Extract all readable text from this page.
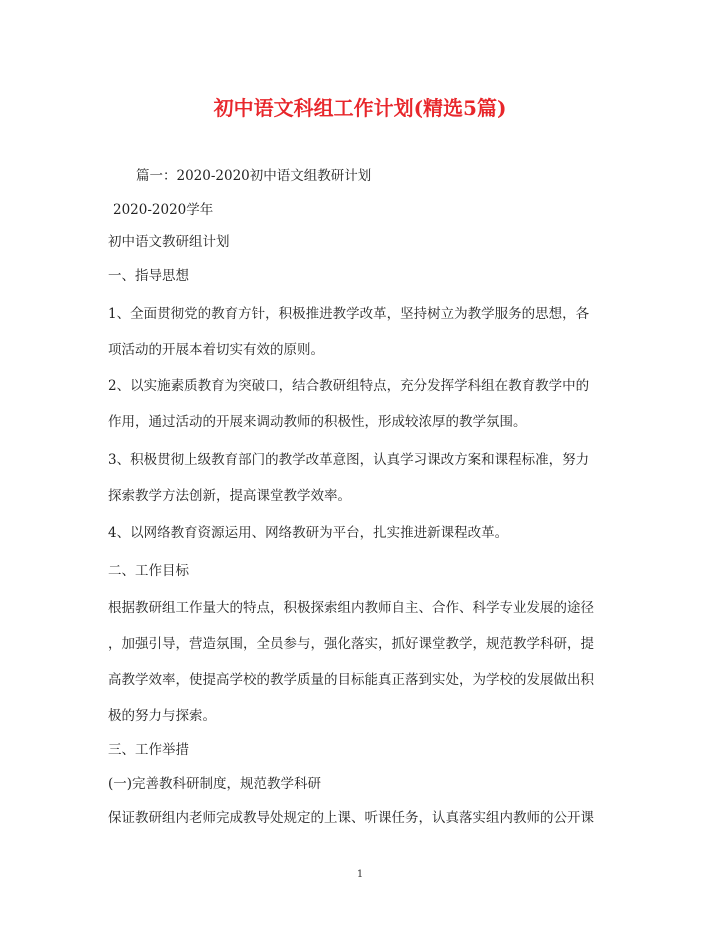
初中语文科组工作计划(精选5篇)
篇一：2020-2020初中语文组教研计划
2020-2020学年
初中语文教研组计划
一、指导思想
1、全面贯彻党的教育方针，积极推进教学改革，坚持树立为教学服务的思想，各
项活动的开展本着切实有效的原则。
2、以实施素质教育为突破口，结合教研组特点，充分发挥学科组在教育教学中的
作用，通过活动的开展来调动教师的积极性，形成较浓厚的教学氛围。
3、积极贯彻上级教育部门的教学改革意图，认真学习课改方案和课程标准，努力
探索教学方法创新，提高课堂教学效率。
4、以网络教育资源运用、网络教研为平台，扎实推进新课程改革。
二、工作目标
根据教研组工作量大的特点，积极探索组内教师自主、合作、科学专业发展的途径
，加强引导，营造氛围，全员参与，强化落实，抓好课堂教学，规范教学科研，提
高教学效率，使提高学校的教学质量的目标能真正落到实处，为学校的发展做出积
极的努力与探索。
三、工作举措
(一)完善教科研制度，规范教学科研
保证教研组内老师完成教导处规定的上课、听课任务，认真落实组内教师的公开课
1
